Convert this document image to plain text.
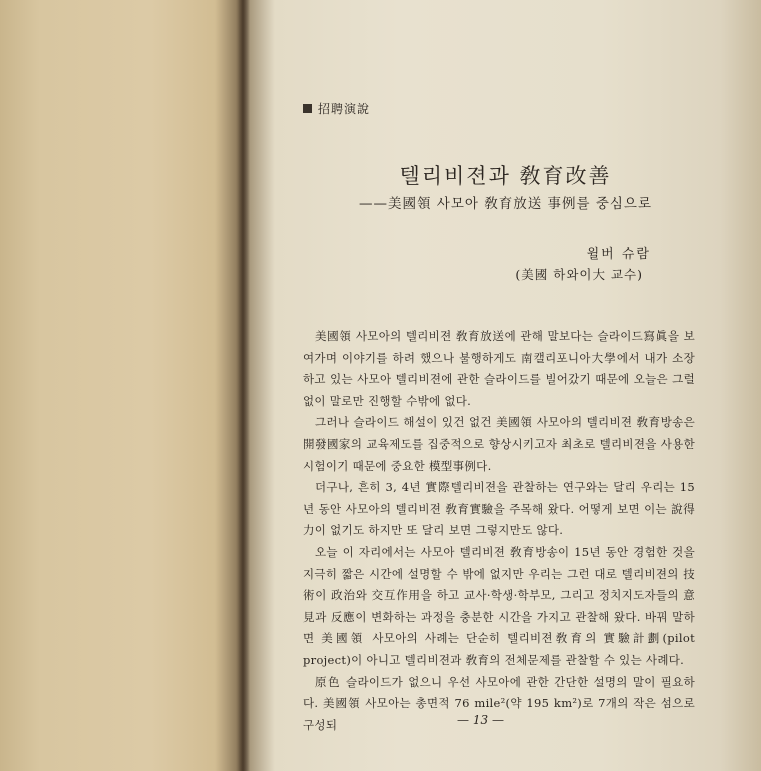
招聘演說
텔리비젼과 敎育改善
——美國領 사모아 敎育放送 事例를 중심으로
윌버 슈람
(美國 하와이大 교수)

美國領 사모아의 텔리비젼 敎育放送에 관해 말보다는 슬라이드寫眞을 보여가며 이야기를 하려 했으나 불행하게도 南캘리포니아大學에서 내가 소장하고 있는 사모아 텔리비젼에 관한 슬라이드를 빌어갔기 때문에 오늘은 그럴 없이 말로만 진행할 수밖에 없다.

그러나 슬라이드 해설이 있건 없건 美國領 사모아의 텔리비젼 敎育방송은 開發國家의 교육제도를 집중적으로 향상시키고자 최초로 텔리비젼을 사용한 시험이기 때문에 중요한 模型事例다.

더구나, 흔히 3, 4년 實際텔리비젼을 관찰하는 연구와는 달리 우리는 15년 동안 사모아의 텔리비젼 敎育實驗을 주목해 왔다. 어떻게 보면 이는 說得力이 없기도 하지만 또 달리 보면 그렇지만도 않다.

오늘 이 자리에서는 사모아 텔리비젼 敎育방송이 15년 동안 경험한 것을 지극히 짧은 시간에 설명할 수 밖에 없지만 우리는 그런 대로 텔리비젼의 技術이 政治와 交互作用을 하고 교사·학생·학부모, 그리고 정치지도자들의 意見과 反應이 변화하는 과정을 충분한 시간을 가지고 관찰해 왔다. 바꿔 말하면 美國領 사모아의 사례는 단순히 텔리비젼敎育의 實驗計劃(pilot project)이 아니고 텔리비젼과 敎育의 전체문제를 관찰할 수 있는 사례다.

原色 슬라이드가 없으니 우선 사모아에 관한 간단한 설명의 말이 필요하다. 美國領 사모아는 총면적 76 mile²(약 195 km²)로 7개의 작은 섬으로 구성되	— 13 —
